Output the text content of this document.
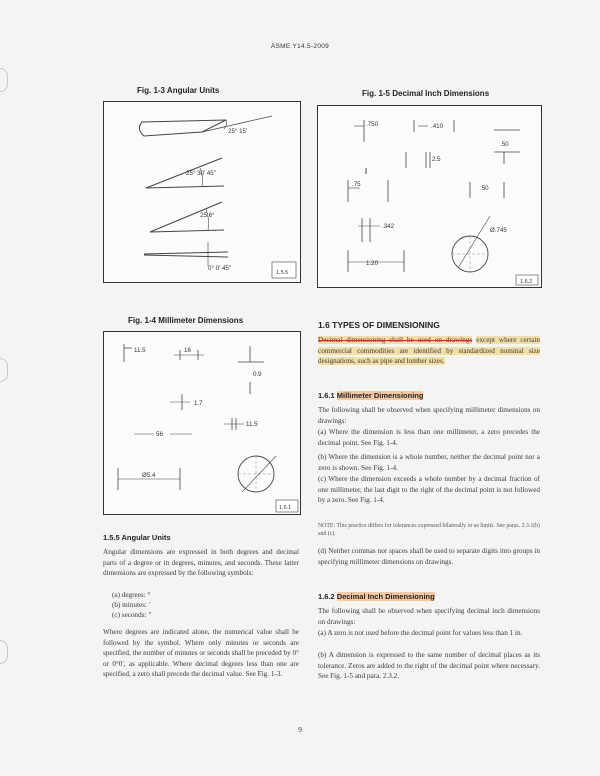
ASME Y14.5-2009
Fig. 1-3 Angular Units
25° 15'
25° 30' 45"
25.6°
0° 0' 45"
1.5.5
Fig. 1-4 Millimeter Dimensions
11.5	16
0.9
1.7
11.5
56
Ø5.4
1.6.1
Fig. 1-5 Decimal Inch Dimensions
.750	.410
.50
2.5
.75
.50
.342
Ø.745
1.20
1.6.2
1.5.5 Angular Units
Angular dimensions are expressed in both degrees and decimal parts of a degree or in degrees, minutes, and seconds. These latter dimensions are expressed by the following symbols:
(a) degrees: °
(b) minutes: '
(c) seconds: "
Where degrees are indicated alone, the numerical value shall be followed by the symbol. Where only minutes or seconds are specified, the number of minutes or seconds shall be preceded by 0° or 0°0', as applicable. Where decimal degrees less than one are specified, a zero shall precede the decimal value. See Fig. 1-3.
1.6 TYPES OF DIMENSIONING
Decimal dimensioning shall be used on drawings except where certain commercial commodities are identified by standardized nominal size designations, such as pipe and lumber sizes.
1.6.1 Millimeter Dimensioning
The following shall be observed when specifying millimeter dimensions on drawings:
(a) Where the dimension is less than one millimeter, a zero precedes the decimal point. See Fig. 1-4.
(b) Where the dimension is a whole number, neither the decimal point nor a zero is shown. See Fig. 1-4.
(c) Where the dimension exceeds a whole number by a decimal fraction of one millimeter, the last digit to the right of the decimal point is not followed by a zero. See Fig. 1-4.
NOTE: This practice differs for tolerances expressed bilaterally or as limits. See paras. 2.3.1(b) and (c).
(d) Neither commas nor spaces shall be used to separate digits into groups in specifying millimeter dimensions on drawings.
1.6.2 Decimal Inch Dimensioning
The following shall be observed when specifying decimal inch dimensions on drawings:
(a) A zero is not used before the decimal point for values less than 1 in.
(b) A dimension is expressed to the same number of decimal places as its tolerance. Zeros are added to the right of the decimal point where necessary. See Fig. 1-5 and para. 2.3.2.
9
